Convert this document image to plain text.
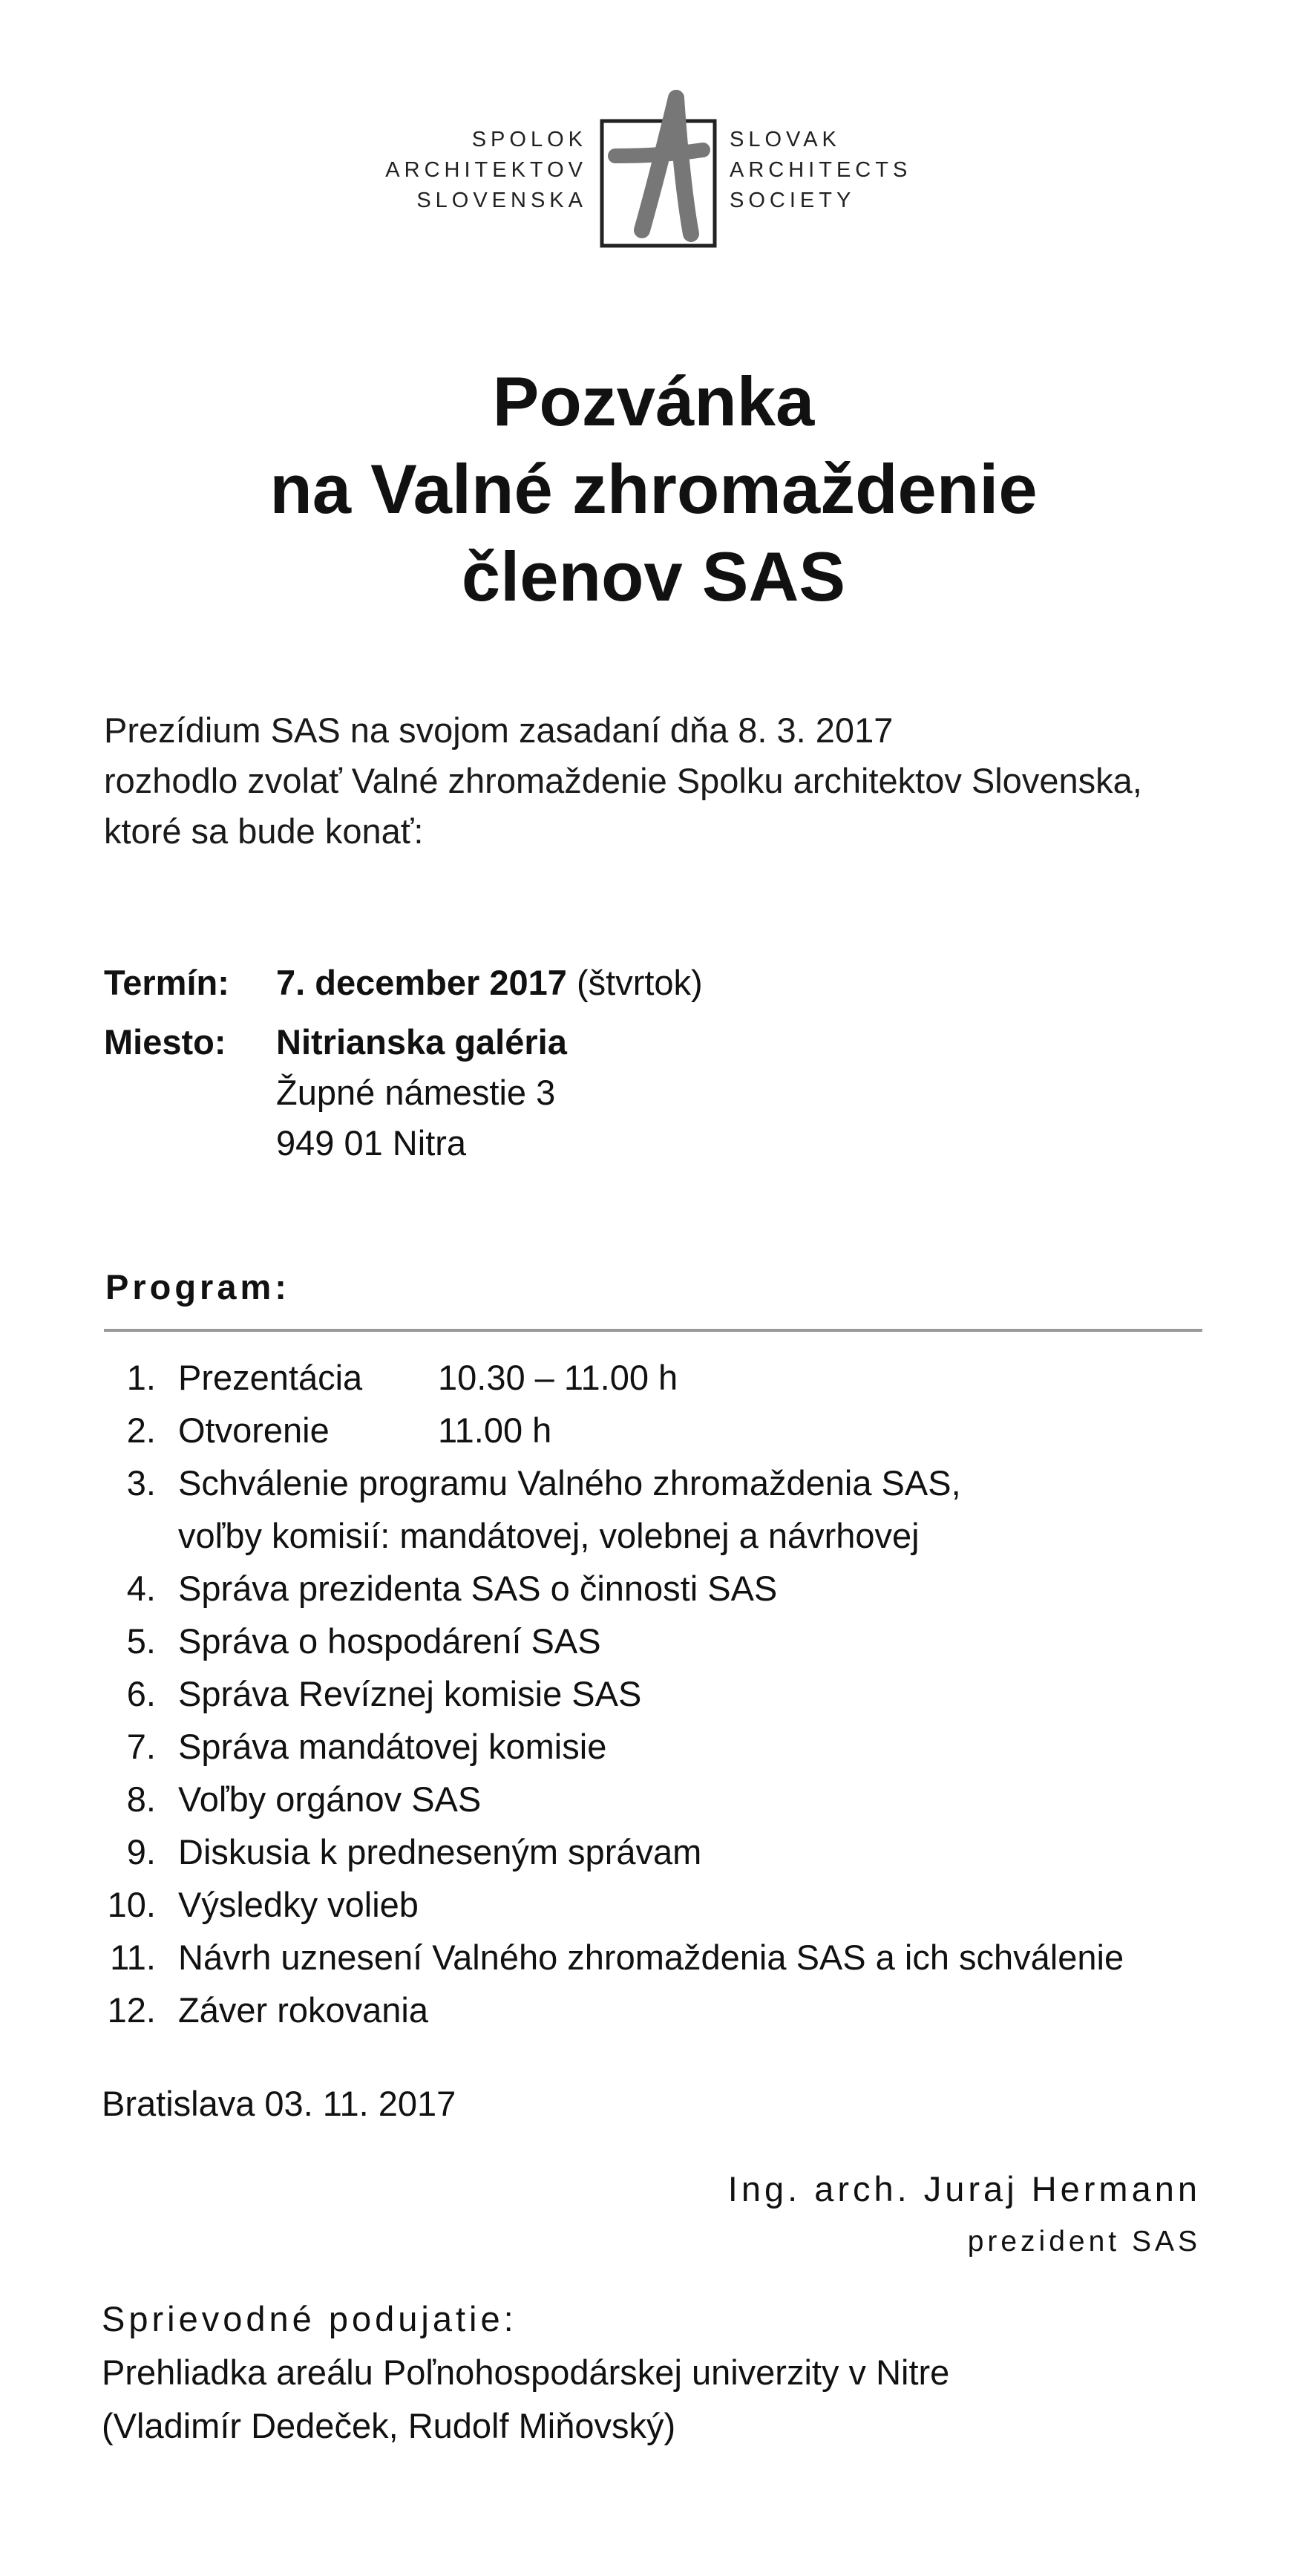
SPOLOK
ARCHITEKTOV
SLOVENSKA
SLOVAK
ARCHITECTS
SOCIETY
Pozvánka
na Valné zhromaždenie
členov SAS
Prezídium SAS na svojom zasadaní dňa 8. 3. 2017
rozhodlo zvolať Valné zhromaždenie Spolku architektov Slovenska,
ktoré sa bude konať:
Termín: 7. december 2017 (štvrtok)
Miesto: Nitrianska galéria
Župné námestie 3
949 01 Nitra
Program:
1. Prezentácia 10.30 – 11.00 h
2. Otvorenie	11.00 h
3. Schválenie programu Valného zhromaždenia SAS,
voľby komisií: mandátovej, volebnej a návrhovej
4. Správa prezidenta SAS o činnosti SAS
5. Správa o hospodárení SAS
6. Správa Revíznej komisie SAS
7. Správa mandátovej komisie
8. Voľby orgánov SAS
9. Diskusia k predneseným správam
10. Výsledky volieb
11. Návrh uznesení Valného zhromaždenia SAS a ich schválenie
12. Záver rokovania
Bratislava 03. 11. 2017
Ing. arch. Juraj Hermann
prezident SAS
Sprievodné podujatie:
Prehliadka areálu Poľnohospodárskej univerzity v Nitre
(Vladimír Dedeček, Rudolf Miňovský)
